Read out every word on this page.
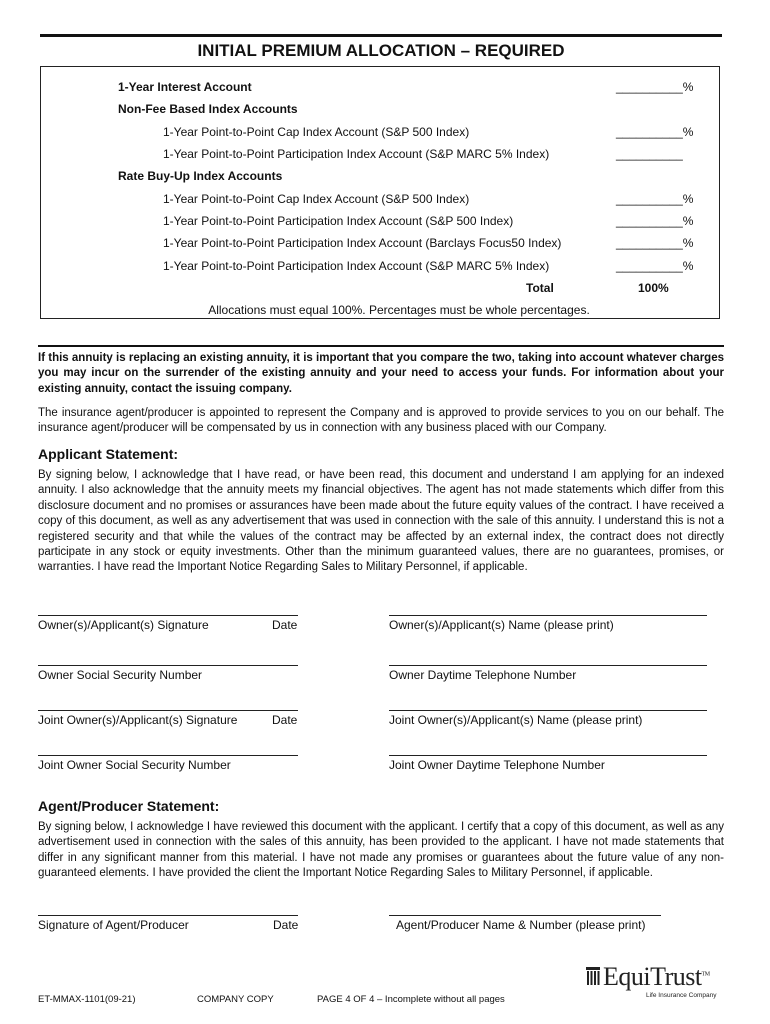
INITIAL PREMIUM ALLOCATION – REQUIRED
1-Year Interest Account	__________%
Non-Fee Based Index Accounts
1-Year Point-to-Point Cap Index Account (S&P 500 Index)	__________%
1-Year Point-to-Point Participation Index Account (S&P MARC 5% Index)	__________
Rate Buy-Up Index Accounts
1-Year Point-to-Point Cap Index Account (S&P 500 Index)	__________%
1-Year Point-to-Point Participation Index Account (S&P 500 Index)	__________%
1-Year Point-to-Point Participation Index Account (Barclays Focus50 Index)	__________%
1-Year Point-to-Point Participation Index Account (S&P MARC 5% Index)	__________%
Total	100%
Allocations must equal 100%. Percentages must be whole percentages.
If this annuity is replacing an existing annuity, it is important that you compare the two, taking into account whatever charges you may incur on the surrender of the existing annuity and your need to access your funds. For information about your existing annuity, contact the issuing company.
The insurance agent/producer is appointed to represent the Company and is approved to provide services to you on our behalf. The insurance agent/producer will be compensated by us in connection with any business placed with our Company.
Applicant Statement:
By signing below, I acknowledge that I have read, or have been read, this document and understand I am applying for an indexed annuity. I also acknowledge that the annuity meets my financial objectives. The agent has not made statements which differ from this disclosure document and no promises or assurances have been made about the future equity values of the contract. I have received a copy of this document, as well as any advertisement that was used in connection with the sale of this annuity. I understand this is not a registered security and that while the values of the contract may be affected by an external index, the contract does not directly participate in any stock or equity investments. Other than the minimum guaranteed values, there are no guarantees, promises, or warranties. I have read the Important Notice Regarding Sales to Military Personnel, if applicable.
Owner(s)/Applicant(s) Signature	Date	Owner(s)/Applicant(s) Name (please print)
Owner Social Security Number	Owner Daytime Telephone Number
Joint Owner(s)/Applicant(s) Signature	Date	Joint Owner(s)/Applicant(s) Name (please print)
Joint Owner Social Security Number	Joint Owner Daytime Telephone Number
Agent/Producer Statement:
By signing below, I acknowledge I have reviewed this document with the applicant. I certify that a copy of this document, as well as any advertisement used in connection with the sales of this annuity, has been provided to the applicant. I have not made statements that differ in any significant manner from this material. I have not made any promises or guarantees about the future value of any non-guaranteed elements. I have provided the client the Important Notice Regarding Sales to Military Personnel, if applicable.
Signature of Agent/Producer	Date	Agent/Producer Name & Number (please print)
ET-MMAX-1101(09-21)	COMPANY COPY	PAGE 4 OF 4 – Incomplete without all pages
EquiTrust™
Life Insurance Company
